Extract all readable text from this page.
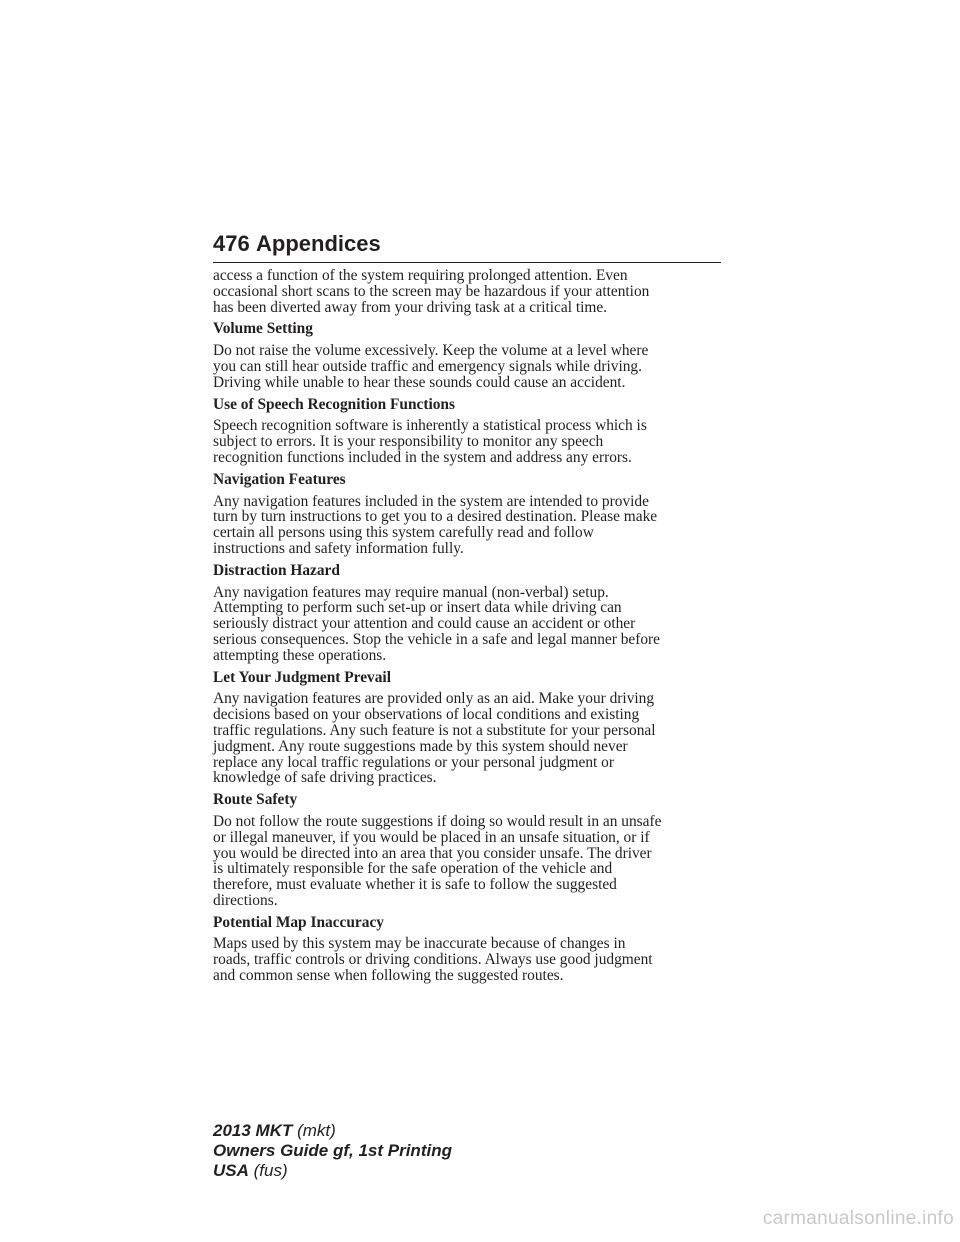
476 Appendices

access a function of the system requiring prolonged attention. Even
occasional short scans to the screen may be hazardous if your attention
has been diverted away from your driving task at a critical time.

Volume Setting

Do not raise the volume excessively. Keep the volume at a level where
you can still hear outside traffic and emergency signals while driving.
Driving while unable to hear these sounds could cause an accident.

Use of Speech Recognition Functions

Speech recognition software is inherently a statistical process which is
subject to errors. It is your responsibility to monitor any speech
recognition functions included in the system and address any errors.

Navigation Features

Any navigation features included in the system are intended to provide
turn by turn instructions to get you to a desired destination. Please make
certain all persons using this system carefully read and follow
instructions and safety information fully.

Distraction Hazard

Any navigation features may require manual (non-verbal) setup.
Attempting to perform such set-up or insert data while driving can
seriously distract your attention and could cause an accident or other
serious consequences. Stop the vehicle in a safe and legal manner before
attempting these operations.

Let Your Judgment Prevail

Any navigation features are provided only as an aid. Make your driving
decisions based on your observations of local conditions and existing
traffic regulations. Any such feature is not a substitute for your personal
judgment. Any route suggestions made by this system should never
replace any local traffic regulations or your personal judgment or
knowledge of safe driving practices.

Route Safety

Do not follow the route suggestions if doing so would result in an unsafe
or illegal maneuver, if you would be placed in an unsafe situation, or if
you would be directed into an area that you consider unsafe. The driver
is ultimately responsible for the safe operation of the vehicle and
therefore, must evaluate whether it is safe to follow the suggested
directions.

Potential Map Inaccuracy

Maps used by this system may be inaccurate because of changes in
roads, traffic controls or driving conditions. Always use good judgment
and common sense when following the suggested routes.

2013 MKT (mkt)
Owners Guide gf, 1st Printing
USA (fus)
carmanualsonline.info
